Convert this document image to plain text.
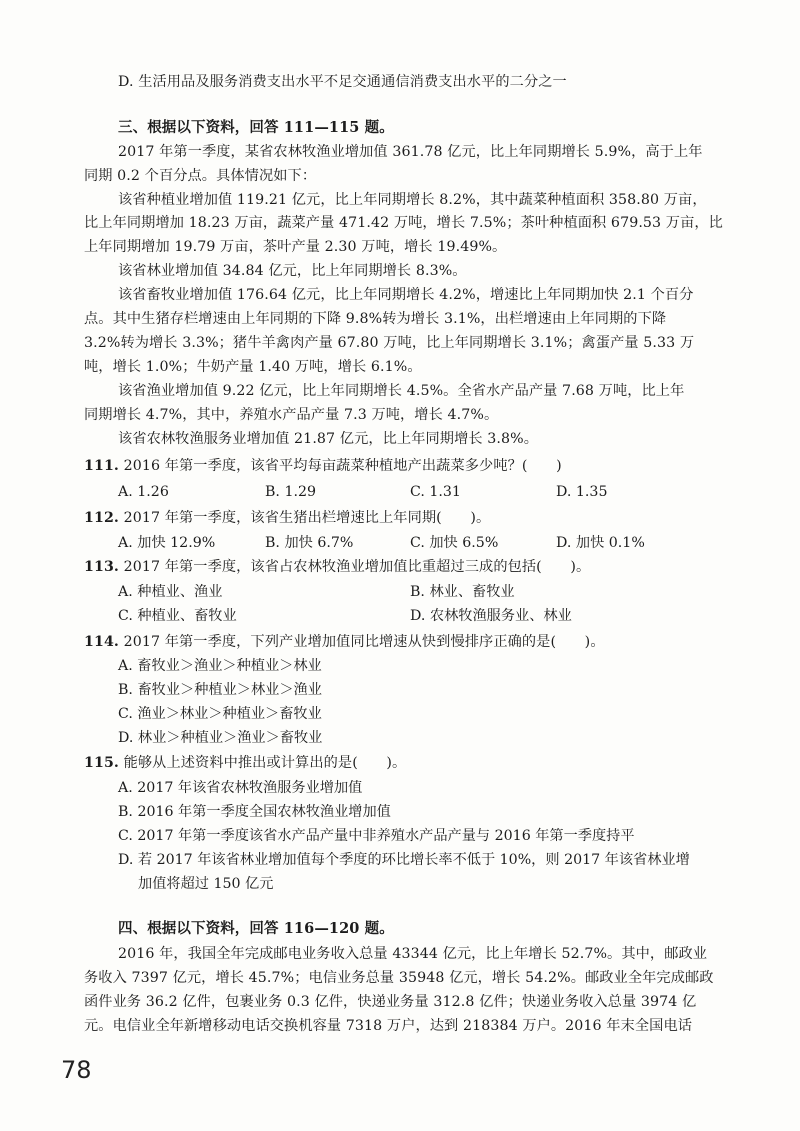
D. 生活用品及服务消费支出水平不足交通通信消费支出水平的二分之一
三、根据以下资料，回答 111—115 题。
2017 年第一季度，某省农林牧渔业增加值 361.78 亿元，比上年同期增长 5.9%，高于上年
同期 0.2 个百分点。具体情况如下：
该省种植业增加值 119.21 亿元，比上年同期增长 8.2%，其中蔬菜种植面积 358.80 万亩，
比上年同期增加 18.23 万亩，蔬菜产量 471.42 万吨，增长 7.5%；茶叶种植面积 679.53 万亩，比
上年同期增加 19.79 万亩，茶叶产量 2.30 万吨，增长 19.49%。
该省林业增加值 34.84 亿元，比上年同期增长 8.3%。
该省畜牧业增加值 176.64 亿元，比上年同期增长 4.2%，增速比上年同期加快 2.1 个百分
点。其中生猪存栏增速由上年同期的下降 9.8%转为增长 3.1%，出栏增速由上年同期的下降
3.2%转为增长 3.3%；猪牛羊禽肉产量 67.80 万吨，比上年同期增长 3.1%；禽蛋产量 5.33 万
吨，增长 1.0%；牛奶产量 1.40 万吨，增长 6.1%。
该省渔业增加值 9.22 亿元，比上年同期增长 4.5%。全省水产品产量 7.68 万吨，比上年
同期增长 4.7%，其中，养殖水产品产量 7.3 万吨，增长 4.7%。
该省农林牧渔服务业增加值 21.87 亿元，比上年同期增长 3.8%。
111. 2016 年第一季度，该省平均每亩蔬菜种植地产出蔬菜多少吨？(　　)
A. 1.26	B. 1.29	C. 1.31	D. 1.35
112. 2017 年第一季度，该省生猪出栏增速比上年同期(　　)。
A. 加快 12.9%	B. 加快 6.7%	C. 加快 6.5%	D. 加快 0.1%
113. 2017 年第一季度，该省占农林牧渔业增加值比重超过三成的包括(　　)。
A. 种植业、渔业	B. 林业、畜牧业
C. 种植业、畜牧业	D. 农林牧渔服务业、林业
114. 2017 年第一季度，下列产业增加值同比增速从快到慢排序正确的是(　　)。
A. 畜牧业＞渔业＞种植业＞林业
B. 畜牧业＞种植业＞林业＞渔业
C. 渔业＞林业＞种植业＞畜牧业
D. 林业＞种植业＞渔业＞畜牧业
115. 能够从上述资料中推出或计算出的是(　　)。
A. 2017 年该省农林牧渔服务业增加值
B. 2016 年第一季度全国农林牧渔业增加值
C. 2017 年第一季度该省水产品产量中非养殖水产品产量与 2016 年第一季度持平
D. 若 2017 年该省林业增加值每个季度的环比增长率不低于 10%，则 2017 年该省林业增
加值将超过 150 亿元
四、根据以下资料，回答 116—120 题。
2016 年，我国全年完成邮电业务收入总量 43344 亿元，比上年增长 52.7%。其中，邮政业
务收入 7397 亿元，增长 45.7%；电信业务总量 35948 亿元，增长 54.2%。邮政业全年完成邮政
函件业务 36.2 亿件，包裹业务 0.3 亿件，快递业务量 312.8 亿件；快递业务收入总量 3974 亿
元。电信业全年新增移动电话交换机容量 7318 万户，达到 218384 万户。2016 年末全国电话
78
